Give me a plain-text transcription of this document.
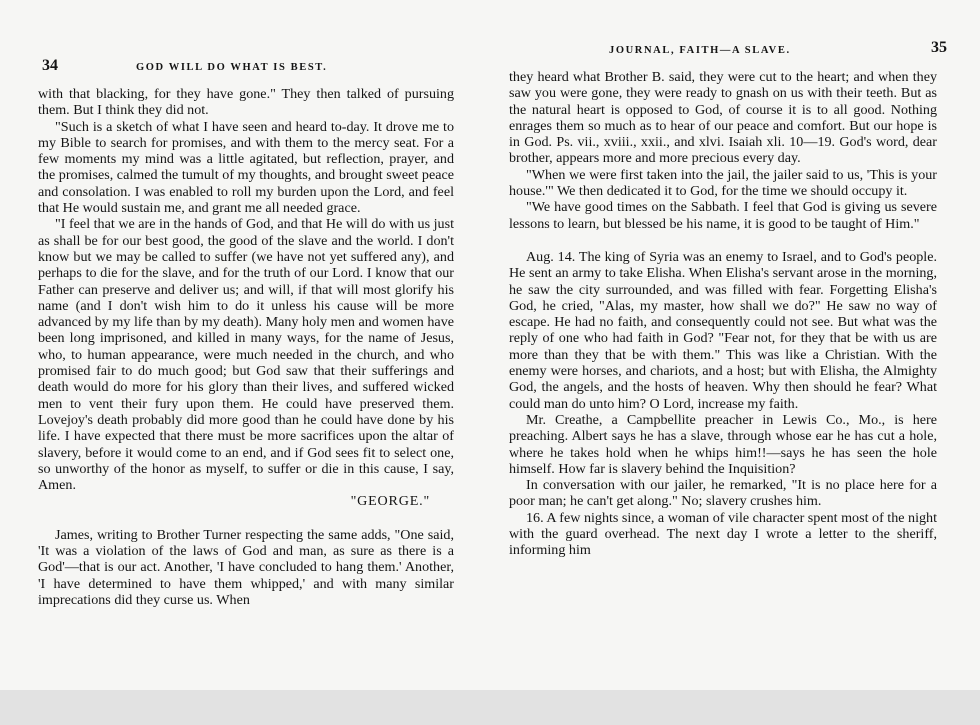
34	GOD WILL DO WHAT IS BEST.

with that blacking, for they have gone." They then talked of pursuing them. But I think they did not.

"Such is a sketch of what I have seen and heard to-day. It drove me to my Bible to search for promises, and with them to the mercy seat. For a few moments my mind was a little agitated, but reflection, prayer, and the promises, calmed the tumult of my thoughts, and brought sweet peace and consolation. I was enabled to roll my burden upon the Lord, and feel that He would sustain me, and grant me all needed grace.

"I feel that we are in the hands of God, and that He will do with us just as shall be for our best good, the good of the slave and the world. I don't know but we may be called to suffer (we have not yet suffered any), and perhaps to die for the slave, and for the truth of our Lord. I know that our Father can preserve and deliver us; and will, if that will most glorify his name (and I don't wish him to do it unless his cause will be more advanced by my life than by my death). Many holy men and women have been long imprisoned, and killed in many ways, for the name of Jesus, who, to human appearance, were much needed in the church, and who promised fair to do much good; but God saw that their sufferings and death would do more for his glory than their lives, and suffered wicked men to vent their fury upon them. He could have preserved them. Lovejoy's death probably did more good than he could have done by his life. I have expected that there must be more sacrifices upon the altar of slavery, before it would come to an end, and if God sees fit to select one, so unworthy of the honor as myself, to suffer or die in this cause, I say, Amen.

"GEORGE."

James, writing to Brother Turner respecting the same adds, "One said, 'It was a violation of the laws of God and man, as sure as there is a God'—that is our act. Another, 'I have concluded to hang them.' Another, 'I have determined to have them whipped,' and with many similar imprecations did they curse us. When

JOURNAL, FAITH—A SLAVE.	35

they heard what Brother B. said, they were cut to the heart; and when they saw you were gone, they were ready to gnash on us with their teeth. But as the natural heart is opposed to God, of course it is to all good. Nothing enrages them so much as to hear of our peace and comfort. But our hope is in God. Ps. vii., xviii., xxii., and xlvi. Isaiah xli. 10—19. God's word, dear brother, appears more and more precious every day.

"When we were first taken into the jail, the jailer said to us, 'This is your house.'" We then dedicated it to God, for the time we should occupy it.

"We have good times on the Sabbath. I feel that God is giving us severe lessons to learn, but blessed be his name, it is good to be taught of Him."

Aug. 14. The king of Syria was an enemy to Israel, and to God's people. He sent an army to take Elisha. When Elisha's servant arose in the morning, he saw the city surrounded, and was filled with fear. Forgetting Elisha's God, he cried, "Alas, my master, how shall we do?" He saw no way of escape. He had no faith, and consequently could not see. But what was the reply of one who had faith in God? "Fear not, for they that be with us are more than they that be with them." This was like a Christian. With the enemy were horses, and chariots, and a host; but with Elisha, the Almighty God, the angels, and the hosts of heaven. Why then should he fear? What could man do unto him? O Lord, increase my faith.

Mr. Creathe, a Campbellite preacher in Lewis Co., Mo., is here preaching. Albert says he has a slave, through whose ear he has cut a hole, where he takes hold when he whips him!!—says he has seen the hole himself. How far is slavery behind the Inquisition?

In conversation with our jailer, he remarked, "It is no place here for a poor man; he can't get along." No; slavery crushes him.

16. A few nights since, a woman of vile character spent most of the night with the guard overhead. The next day I wrote a letter to the sheriff, informing him
